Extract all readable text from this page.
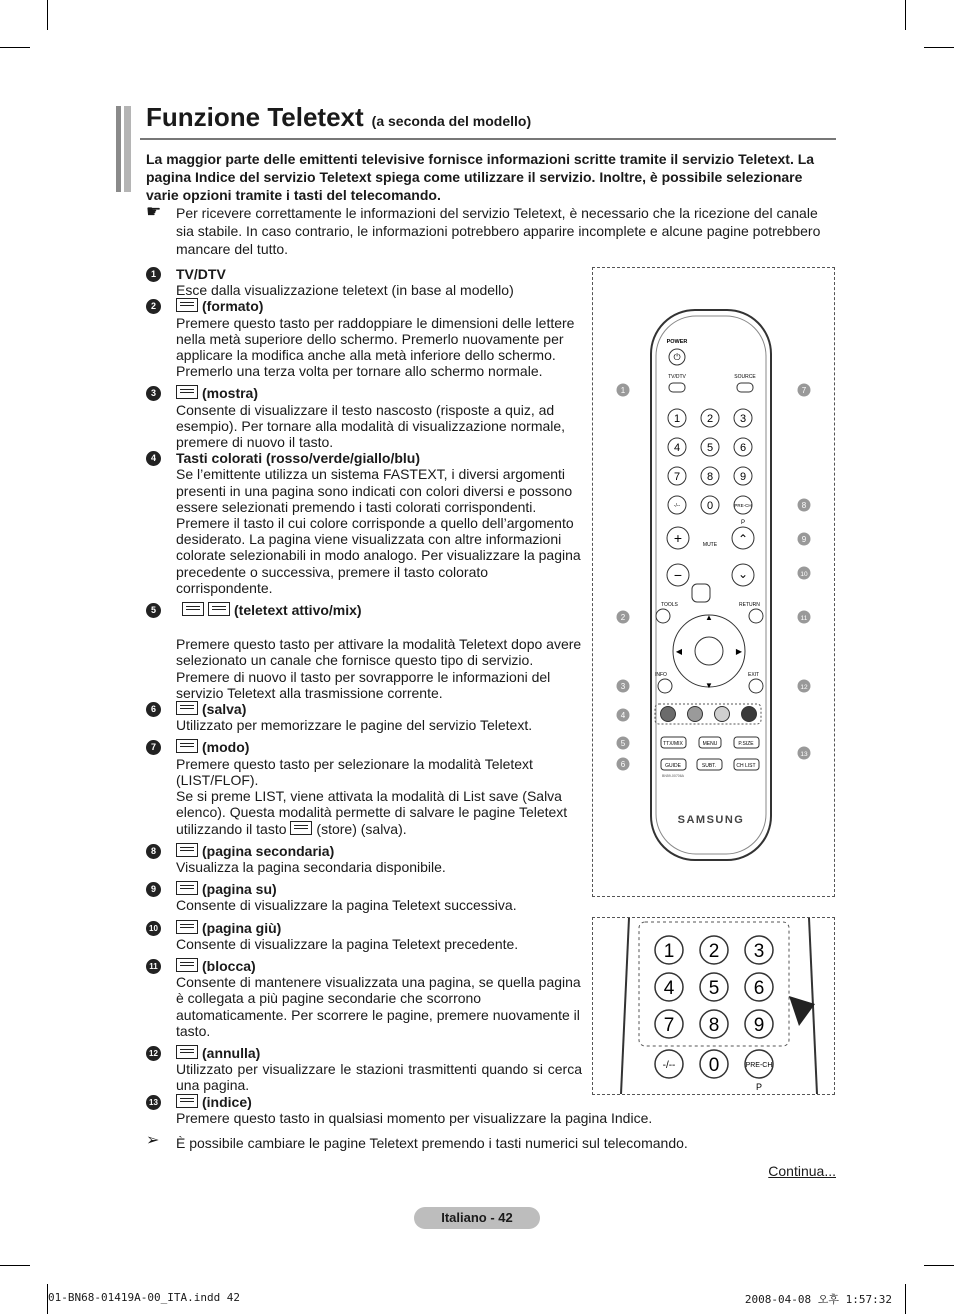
Funzione Teletext (a seconda del modello)
La maggior parte delle emittenti televisive fornisce informazioni scritte tramite il servizio Teletext. La pagina Indice del servizio Teletext spiega come utilizzare il servizio. Inoltre, è possibile selezionare varie opzioni tramite i tasti del telecomando.
☛ Per ricevere correttamente le informazioni del servizio Teletext, è necessario che la ricezione del canale sia stabile. In caso contrario, le informazioni potrebbero apparire incomplete e alcune pagine potrebbero mancare del tutto.
1	TV/DTV
Esce dalla visualizzazione teletext (in base al modello)
2	(formato)
Premere questo tasto per raddoppiare le dimensioni delle lettere nella metà superiore dello schermo. Premerlo nuovamente per applicare la modifica anche alla metà inferiore dello schermo.
Premerlo una terza volta per tornare allo schermo normale.
3	(mostra)
Consente di visualizzare il testo nascosto (risposte a quiz, ad esempio). Per tornare alla modalità di visualizzazione normale, premere di nuovo il tasto.
4	Tasti colorati (rosso/verde/giallo/blu)
Se l’emittente utilizza un sistema FASTEXT, i diversi argomenti presenti in una pagina sono indicati con colori diversi e possono essere selezionati premendo i tasti colorati corrispondenti. Premere il tasto il cui colore corrisponde a quello dell’argomento desiderato. La pagina viene visualizzata con altre informazioni colorate selezionabili in modo analogo. Per visualizzare la pagina precedente o successiva, premere il tasto colorato corrispondente.
5	(teletext attivo/mix)
Premere questo tasto per attivare la modalità Teletext dopo avere selezionato un canale che fornisce questo tipo di servizio. Premere di nuovo il tasto per sovrapporre le informazioni del servizio Teletext alla trasmissione corrente.
6	(salva)
Utilizzato per memorizzare le pagine del servizio Teletext.
7	(modo)
Premere questo tasto per selezionare la modalità Teletext (LIST/FLOF).
Se si preme LIST, viene attivata la modalità di List save (Salva elenco). Questa modalità permette di salvare le pagine Teletext utilizzando il tasto (store) (salva).
8	(pagina secondaria)
Visualizza la pagina secondaria disponibile.
9	(pagina su)
Consente di visualizzare la pagina Teletext successiva.
10	(pagina giù)
Consente di visualizzare la pagina Teletext precedente.
11	(blocca)
Consente di mantenere visualizzata una pagina, se quella pagina è collegata a più pagine secondarie che scorrono automaticamente. Per scorrere le pagine, premere nuovamente il tasto.
12	(annulla)
Utilizzato per visualizzare le stazioni trasmittenti quando si cerca una pagina.
13	(indice)
Premere questo tasto in qualsiasi momento per visualizzare la pagina Indice.
POWER
⏻
TV/DTV	SOURCE
1 2 3
4 5 6
7 8 9
-/-- 0	PRE-CH
P
MUTE
+
−
⌃
⌄
TOOLS	RETURN
▲
▼
◀	▶
INFO	EXIT
TTX/MIX	MENU	P.SIZE
GUIDE	SUBT.	CH LIST
BN59-00706A
SAMSUNG
1
2
3
4
5
6
7
8
9
10
11
12
13
1 2 3
4 5 6
7 8 9
-/-- 0	PRE-CH
P
➢ È possibile cambiare le pagine Teletext premendo i tasti numerici sul telecomando.
Continua...
Italiano - 42
01-BN68-01419A-00_ITA.indd 42	2008-04-08 오후 1:57:32
